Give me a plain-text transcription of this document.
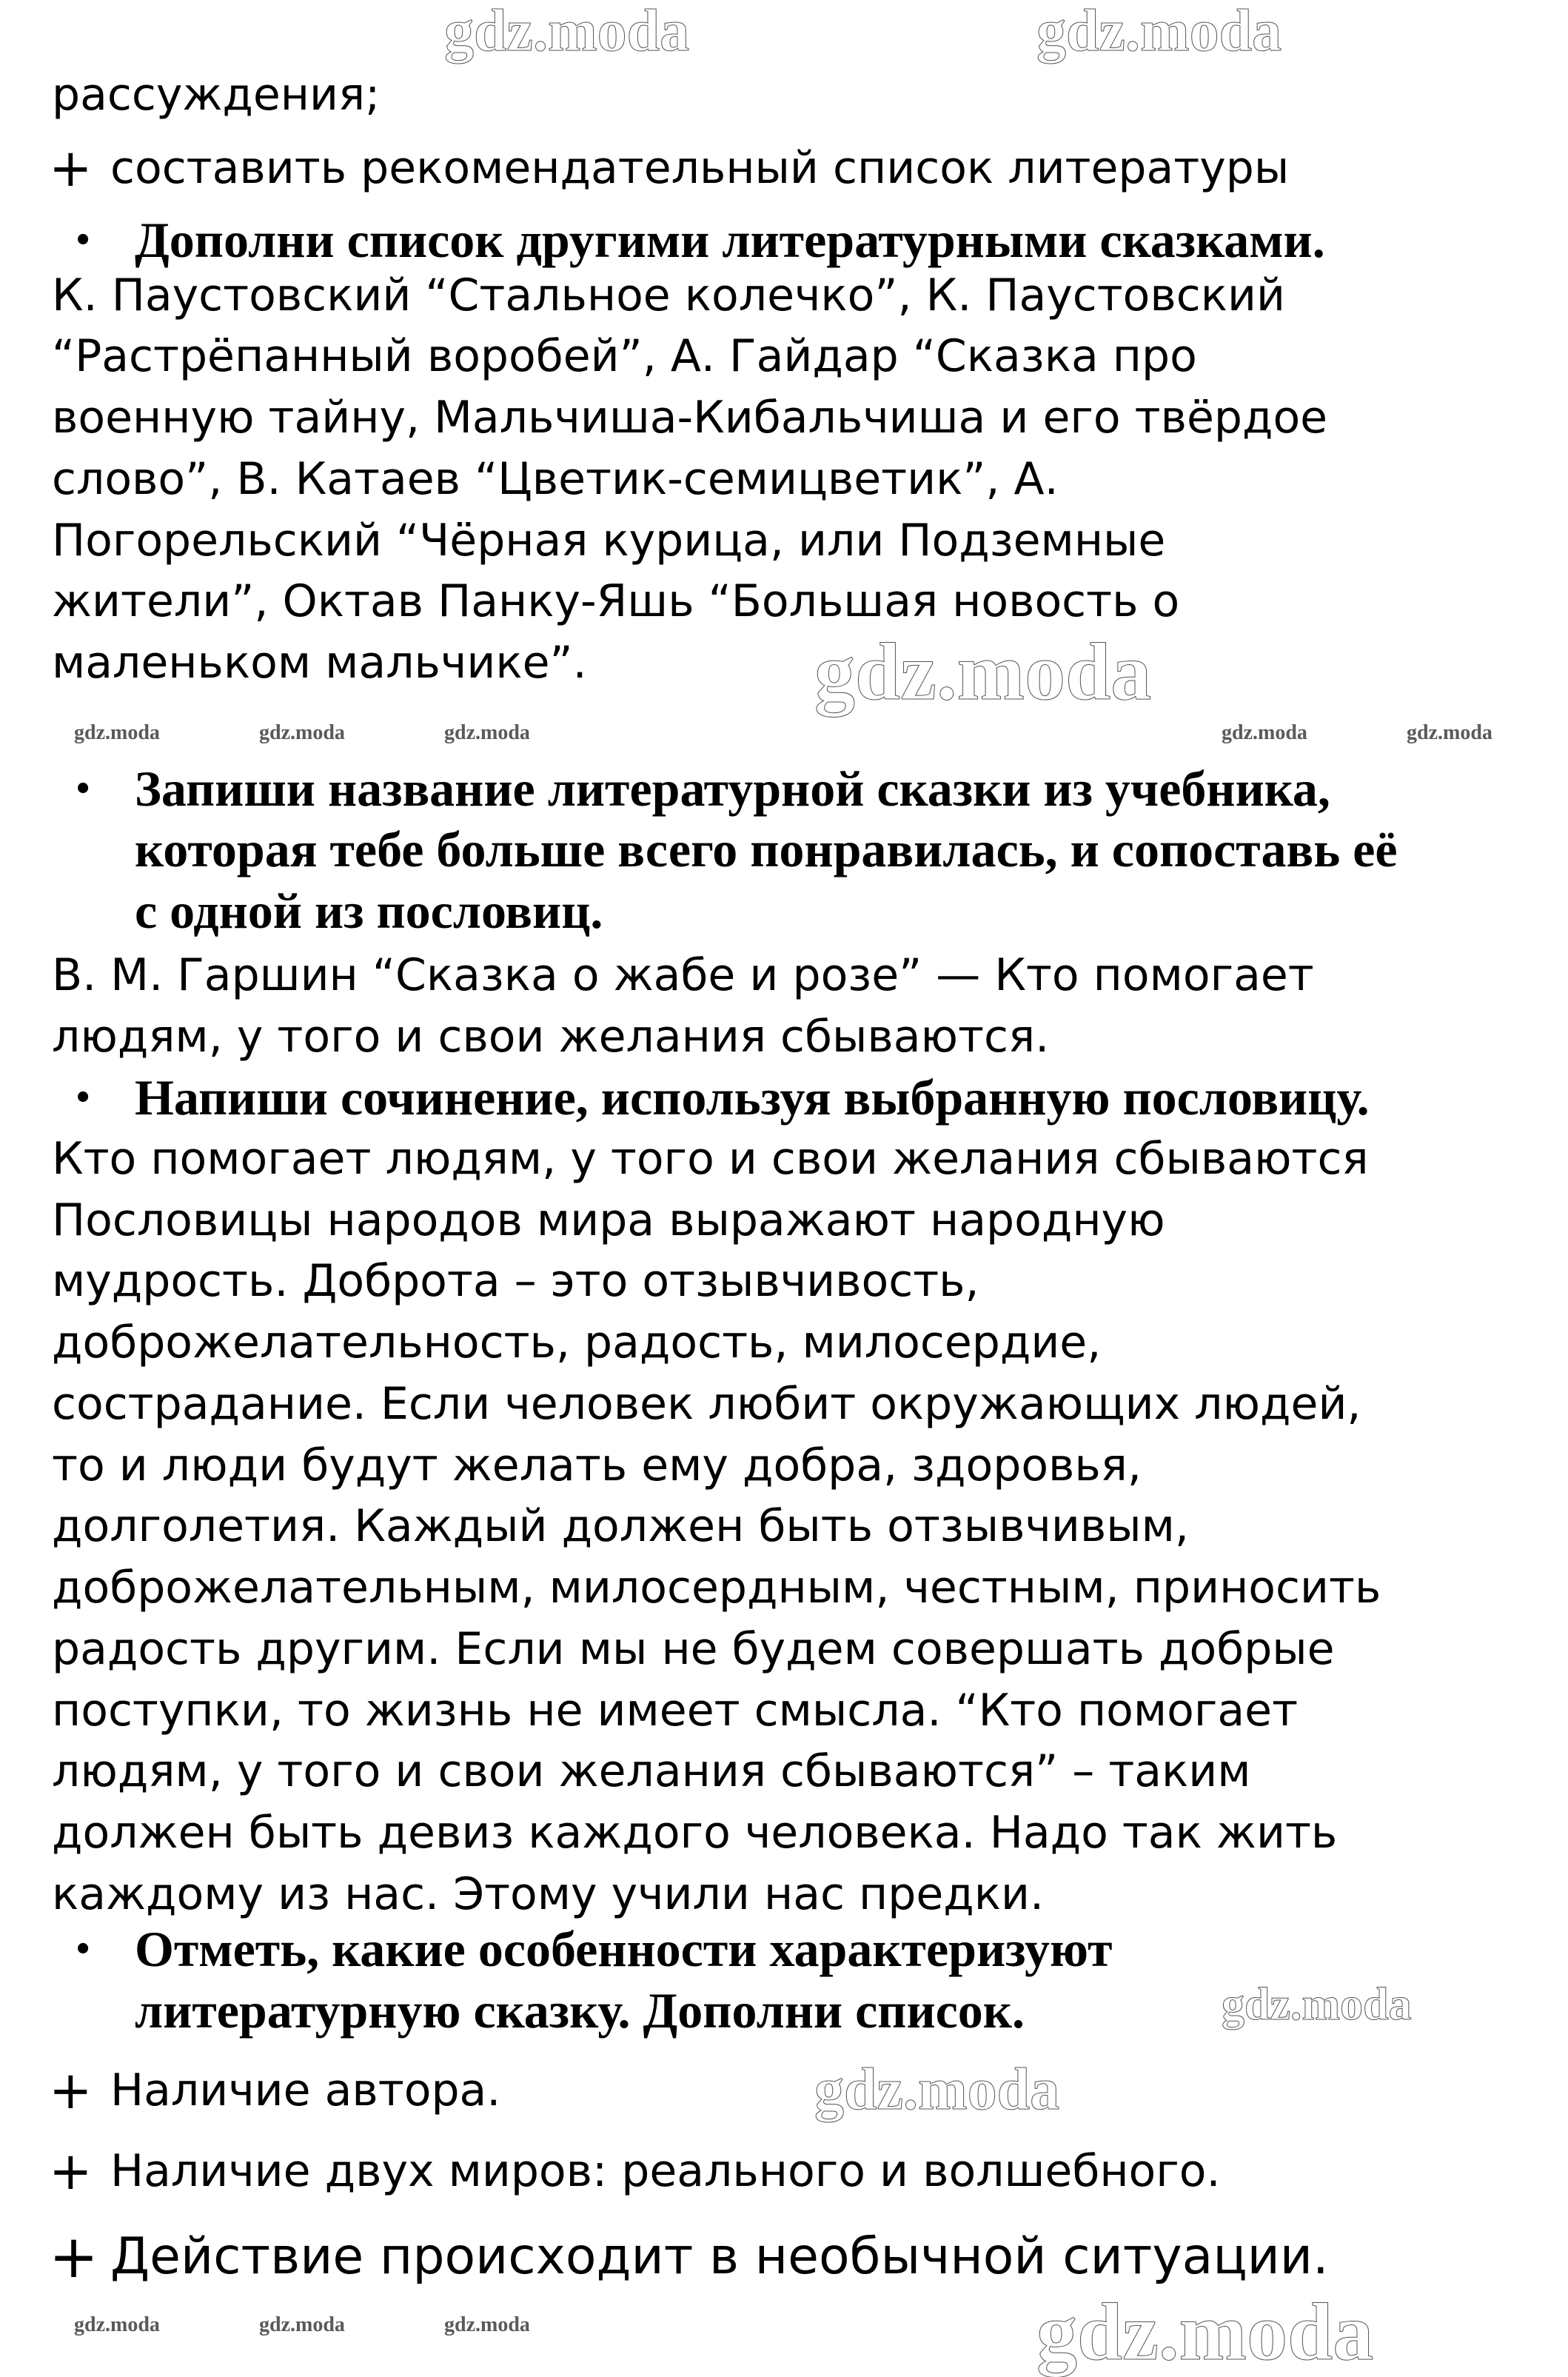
рассуждения;
+ составить рекомендательный список литературы
• Дополни список другими литературными сказками.
К. Паустовский “Стальное колечко”, К. Паустовский
“Растрёпанный воробей”, А. Гайдар “Сказка про
военную тайну, Мальчиша-Кибальчиша и его твёрдое
слово”, В. Катаев “Цветик-семицветик”, А.
Погорельский “Чёрная курица, или Подземные
жители”, Октав Панку-Яшь “Большая новость о
маленьком мальчике”.
• Запиши название литературной сказки из учебника,
которая тебе больше всего понравилась, и сопоставь её
с одной из пословиц.
В. М. Гаршин “Сказка о жабе и розе” — Кто помогает
людям, у того и свои желания сбываются.
• Напиши сочинение, используя выбранную пословицу.
Кто помогает людям, у того и свои желания сбываются
Пословицы народов мира выражают народную
мудрость. Доброта – это отзывчивость,
доброжелательность, радость, милосердие,
сострадание. Если человек любит окружающих людей,
то и люди будут желать ему добра, здоровья,
долголетия. Каждый должен быть отзывчивым,
доброжелательным, милосердным, честным, приносить
радость другим. Если мы не будем совершать добрые
поступки, то жизнь не имеет смысла. “Кто помогает
людям, у того и свои желания сбываются” – таким
должен быть девиз каждого человека. Надо так жить
каждому из нас. Этому учили нас предки.
• Отметь, какие особенности характеризуют
литературную сказку. Дополни список.
+ Наличие автора.
+ Наличие двух миров: реального и волшебного.
+ Действие происходит в необычной ситуации.
gdz.moda	gdz.moda
gdz.moda
gdz.moda
gdz.moda	gdz.moda	gdz.moda	gdz.moda	gdz.moda
gdz.moda	gdz.moda	gdz.moda	gdz.moda
gdz.moda
